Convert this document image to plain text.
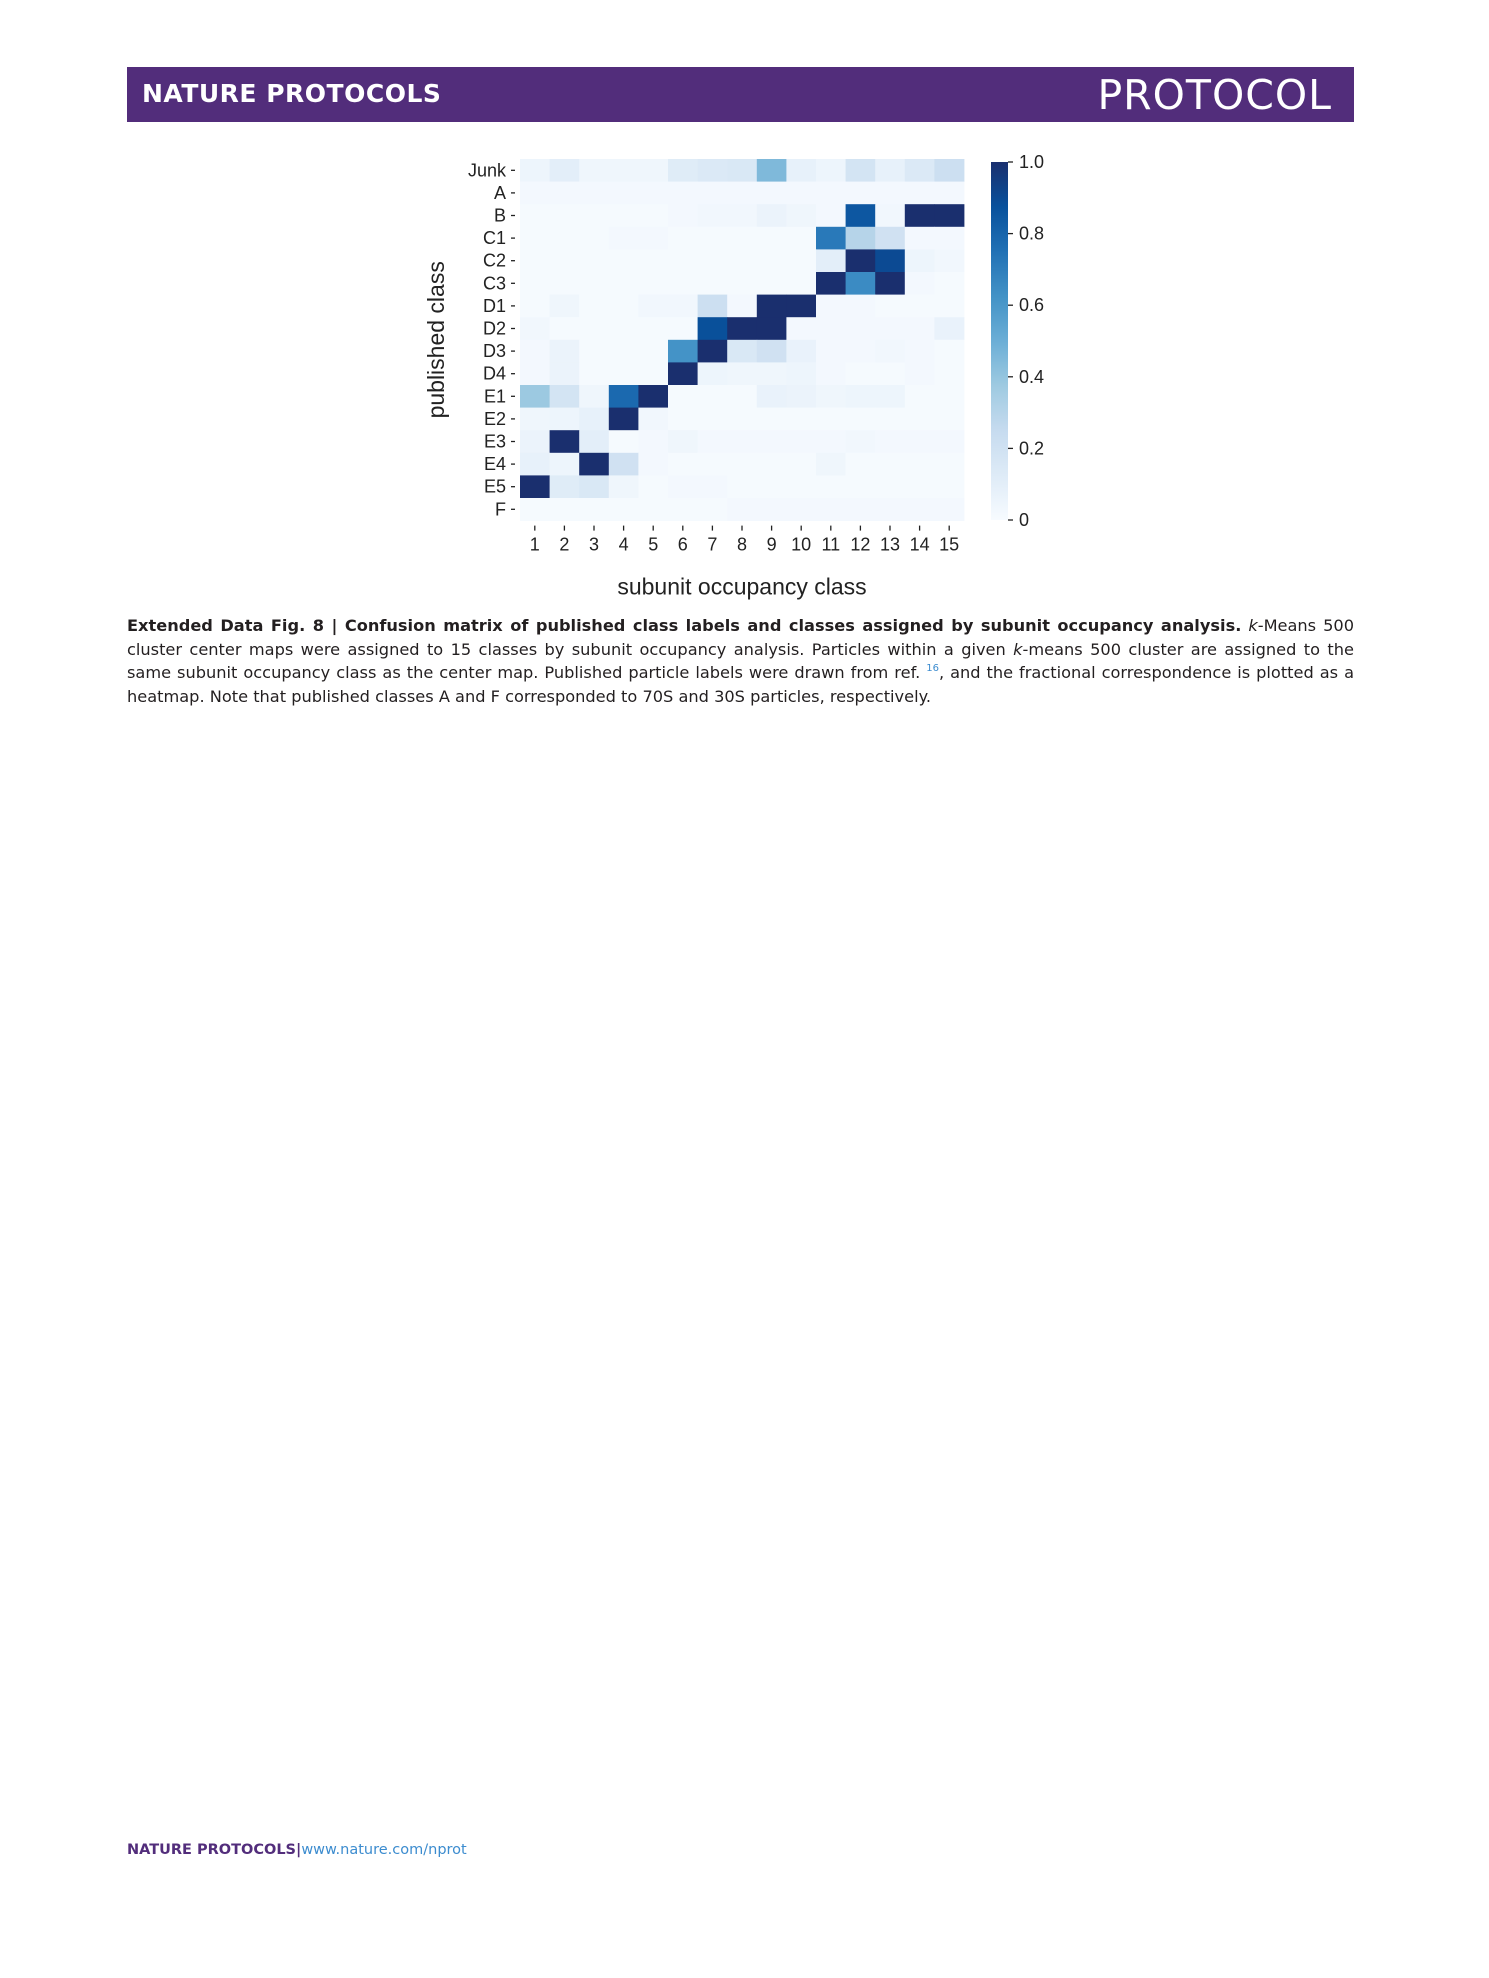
NATURE PROTOCOLS	PROTOCOL
Junk
A
B
C1
C2
C3
D1
D2
D3
D4
E1
E2
E3
E4
E5
F
1 2 3 4 5 6 7 8 9 10 11 12 13 14 15
subunit occupancy class
published class
0
0.2
0.4
0.6
0.8
1.0
Extended Data Fig. 8 | Confusion matrix of published class labels and classes assigned by subunit occupancy analysis. k-Means 500 cluster center maps were assigned to 15 classes by subunit occupancy analysis. Particles within a given k-means 500 cluster are assigned to the same subunit occupancy class as the center map. Published particle labels were drawn from ref. $^{16}$, and the fractional correspondence is plotted as a heatmap. Note that published classes A and F corresponded to 70S and 30S particles, respectively.
NATURE PROTOCOLS|www.nature.com/nprot
